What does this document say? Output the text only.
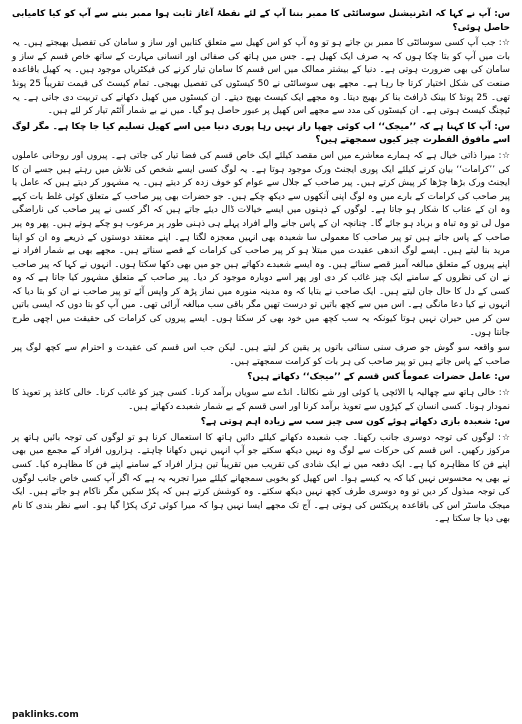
س: آپ نے کہا کہ انٹرنیشنل سوسائٹی کا ممبر بننا آپ کے لئے نقطۂ آغاز ثابت ہوا ممبر بننے سے آپ کو کیا کامیابی حاصل ہوئی؟

☆: جب آپ کسی سوسائٹی کا ممبر بن جاتے ہو تو وہ آپ کو اس کھیل سے متعلق کتابیں اور ساز و سامان کی تفصیل بھیجتے ہیں۔ یہ بات میں آپ کو بتا چکا ہوں کہ یہ صرف ایک کھیل ہے۔ جس میں ہاتھ کی صفائی اور انسانی مہارت کے ساتھ خاص قسم کے ساز و سامان کی بھی ضرورت ہوتی ہے۔ دنیا کے بیشتر ممالک میں اس قسم کا سامان تیار کرنے کی فیکٹریاں موجود ہیں۔ یہ کھیل باقاعدہ صنعت کی شکل اختیار کرتا جا رہا ہے۔ مجھے بھی سوسائٹی نے 50 کیسٹوں کی تفصیل بھیجی۔ تمام کیسٹ کی قیمت تقریباً 25 پونڈ تھی۔ 25 پونڈ کا بینک ڈرافٹ بنا کر بھیج دیتا۔ وہ مجھے ایک کیسٹ بھیج دیتے۔ ان کیسٹوں میں کھیل دکھانے کی تربیت دی جاتی ہے۔ یہ ٹیچنگ کیسٹ ہوتی ہے۔ ان کیسٹوں کی مدد سے مجھے اس کھیل پر عبور حاصل ہو گیا۔ میں نے بے شمار آئٹم تیار کر لئے ہیں۔

س: آپ کا کہنا ہے کہ ’’میجک‘‘ اب کوئی چھپا راز نہیں رہا پوری دنیا میں اسے کھیل تسلیم کیا جا چکا ہے۔ مگر لوگ اسے مافوق الفطرت چیز کیوں سمجھتے ہیں؟

☆: میرا ذاتی خیال ہے کہ ہمارے معاشرے میں اس مقصد کیلئے ایک خاص قسم کی فضا تیار کی جاتی ہے۔ پیروں اور روحانی عاملوں کی ’’کرامات‘‘ بیان کرنے کیلئے ایک پوری ایجنٹ ورک موجود ہوتا ہے۔ یہ لوگ کسی ایسے شخص کی تلاش میں رہتے ہیں جسے ان کا ایجنٹ ورک بڑھا چڑھا کر پیش کرتے ہیں۔ پیر صاحب کے جلال سے عوام کو خوف زدہ کر دیتے ہیں۔ یہ مشہور کر دیتے ہیں کہ عامل یا پیر صاحب کی کرامات کے بارے میں وہ لوگ اپنی آنکھوں سے دیکھ چکے ہیں۔ جو حضرات بھی پیر صاحب کے متعلق کوئی غلط بات کہے وہ ان کے عتاب کا شکار ہو جاتا ہے۔ لوگوں کے ذہنوں میں ایسے خیالات ڈال دیئے جاتے ہیں کہ اگر کسی نے پیر صاحب کی ناراضگی مول لی تو وہ تباہ و برباد ہو جائے گا۔ چنانچہ ان کے پاس جانے والے افراد پہلے ہی ذہنی طور پر مرعوب ہو چکے ہوتے ہیں۔ پھر وہ پیر صاحب کے پاس جاتے ہیں تو پیر صاحب کا معمولی سا شعبدہ بھی انہیں معجزہ لگتا ہے۔ اپنے معتقد دوستوں کے ذریعے وہ ان کو اپنا مرید بنا لیتے ہیں۔ ایسے لوگ اندھی عقیدت میں مبتلا ہو کر پیر صاحب کی کرامات کے قصے سناتے ہیں۔ مجھے بھی بے شمار افراد نے اپنے پیروں کے متعلق مبالغہ آمیز قصے سنائے ہیں۔ وہ ایسے شعبدے دکھاتے ہیں جو میں بھی دکھا سکتا ہوں۔ انہوں نے کہا کہ پیر صاحب نے ان کی نظروں کے سامنے ایک چیز غائب کر دی اور پھر اسے دوبارہ موجود کر دیا۔ پیر صاحب کے متعلق مشہور کیا جاتا ہے کہ وہ کسی کے دل کا حال جان لیتے ہیں۔ ایک صاحب نے بتایا کہ وہ مدینہ منورہ میں نماز پڑھ کر واپس آئے تو پیر صاحب نے ان کو بتا دیا کہ انہوں نے کیا دعا مانگی ہے۔ اس میں سے کچھ باتیں تو درست تھیں مگر باقی سب مبالغہ آرائی تھی۔ میں آپ کو بتا دوں کہ ایسی باتیں سن کر میں حیران نہیں ہوتا کیونکہ یہ سب کچھ میں خود بھی کر سکتا ہوں۔ ایسے پیروں کی کرامات کی حقیقت میں اچھی طرح جانتا ہوں۔

سو واقعہ سو گوش جو صرف سنی سنائی باتوں پر یقین کر لیتے ہیں۔ لیکن جب اس قسم کی عقیدت و احترام سے کچھ لوگ پیر صاحب کے پاس جاتے ہیں تو پیر صاحب کی ہر بات کو کرامت سمجھتے ہیں۔

س: عامل حضرات عموماً کس قسم کے ’’میجک‘‘ دکھاتے ہیں؟

☆: خالی ہاتھ سے چھالیہ یا الائچی یا کوئی اور شے نکالنا۔ انڈے سے سویاں برآمد کرنا۔ کسی چیز کو غائب کرنا۔ خالی کاغذ پر تعویذ کا نمودار ہونا۔ کسی انسان کے کپڑوں سے تعویذ برآمد کرنا اور اسی قسم کے بے شمار شعبدے دکھاتے ہیں۔

س: شعبدہ بازی دکھاتے ہوئے کون سی چیز سب سے زیادہ اہم ہوتی ہے؟

☆: لوگوں کی توجہ دوسری جانب رکھنا۔ جب شعبدہ دکھانے کیلئے دائیں ہاتھ کا استعمال کرنا ہو تو لوگوں کی توجہ بائیں ہاتھ پر مرکوز رکھیں۔ اس قسم کی حرکات سے لوگ وہ نہیں دیکھ سکتے جو آپ انہیں نہیں دکھانا چاہتے۔ ہزاروں افراد کے مجمع میں بھی اپنے فن کا مظاہرہ کیا ہے۔ ایک دفعہ میں نے ایک شادی کی تقریب میں تقریباً تین ہزار افراد کے سامنے اپنے فن کا مظاہرہ کیا۔ کسی نے بھی یہ محسوس نہیں کیا کہ یہ کیسے ہوا۔ اس کھیل کو بخوبی سمجھانے کیلئے میرا تجربہ یہ ہے کہ اگر آپ کسی خاص جانب لوگوں کی توجہ مبذول کر دیں تو وہ دوسری طرف کچھ نہیں دیکھ سکتے۔ وہ کوشش کرتے ہیں کہ پکڑ سکیں مگر ناکام ہو جاتے ہیں۔ ایک میجک ماسٹر اس کی باقاعدہ پریکٹس کی ہوتی ہے۔ آج تک مجھے ایسا نہیں ہوا کہ میرا کوئی ٹرک پکڑا گیا ہو۔ اسے نظر بندی کا نام بھی دیا جا سکتا ہے۔

paklinks.com
